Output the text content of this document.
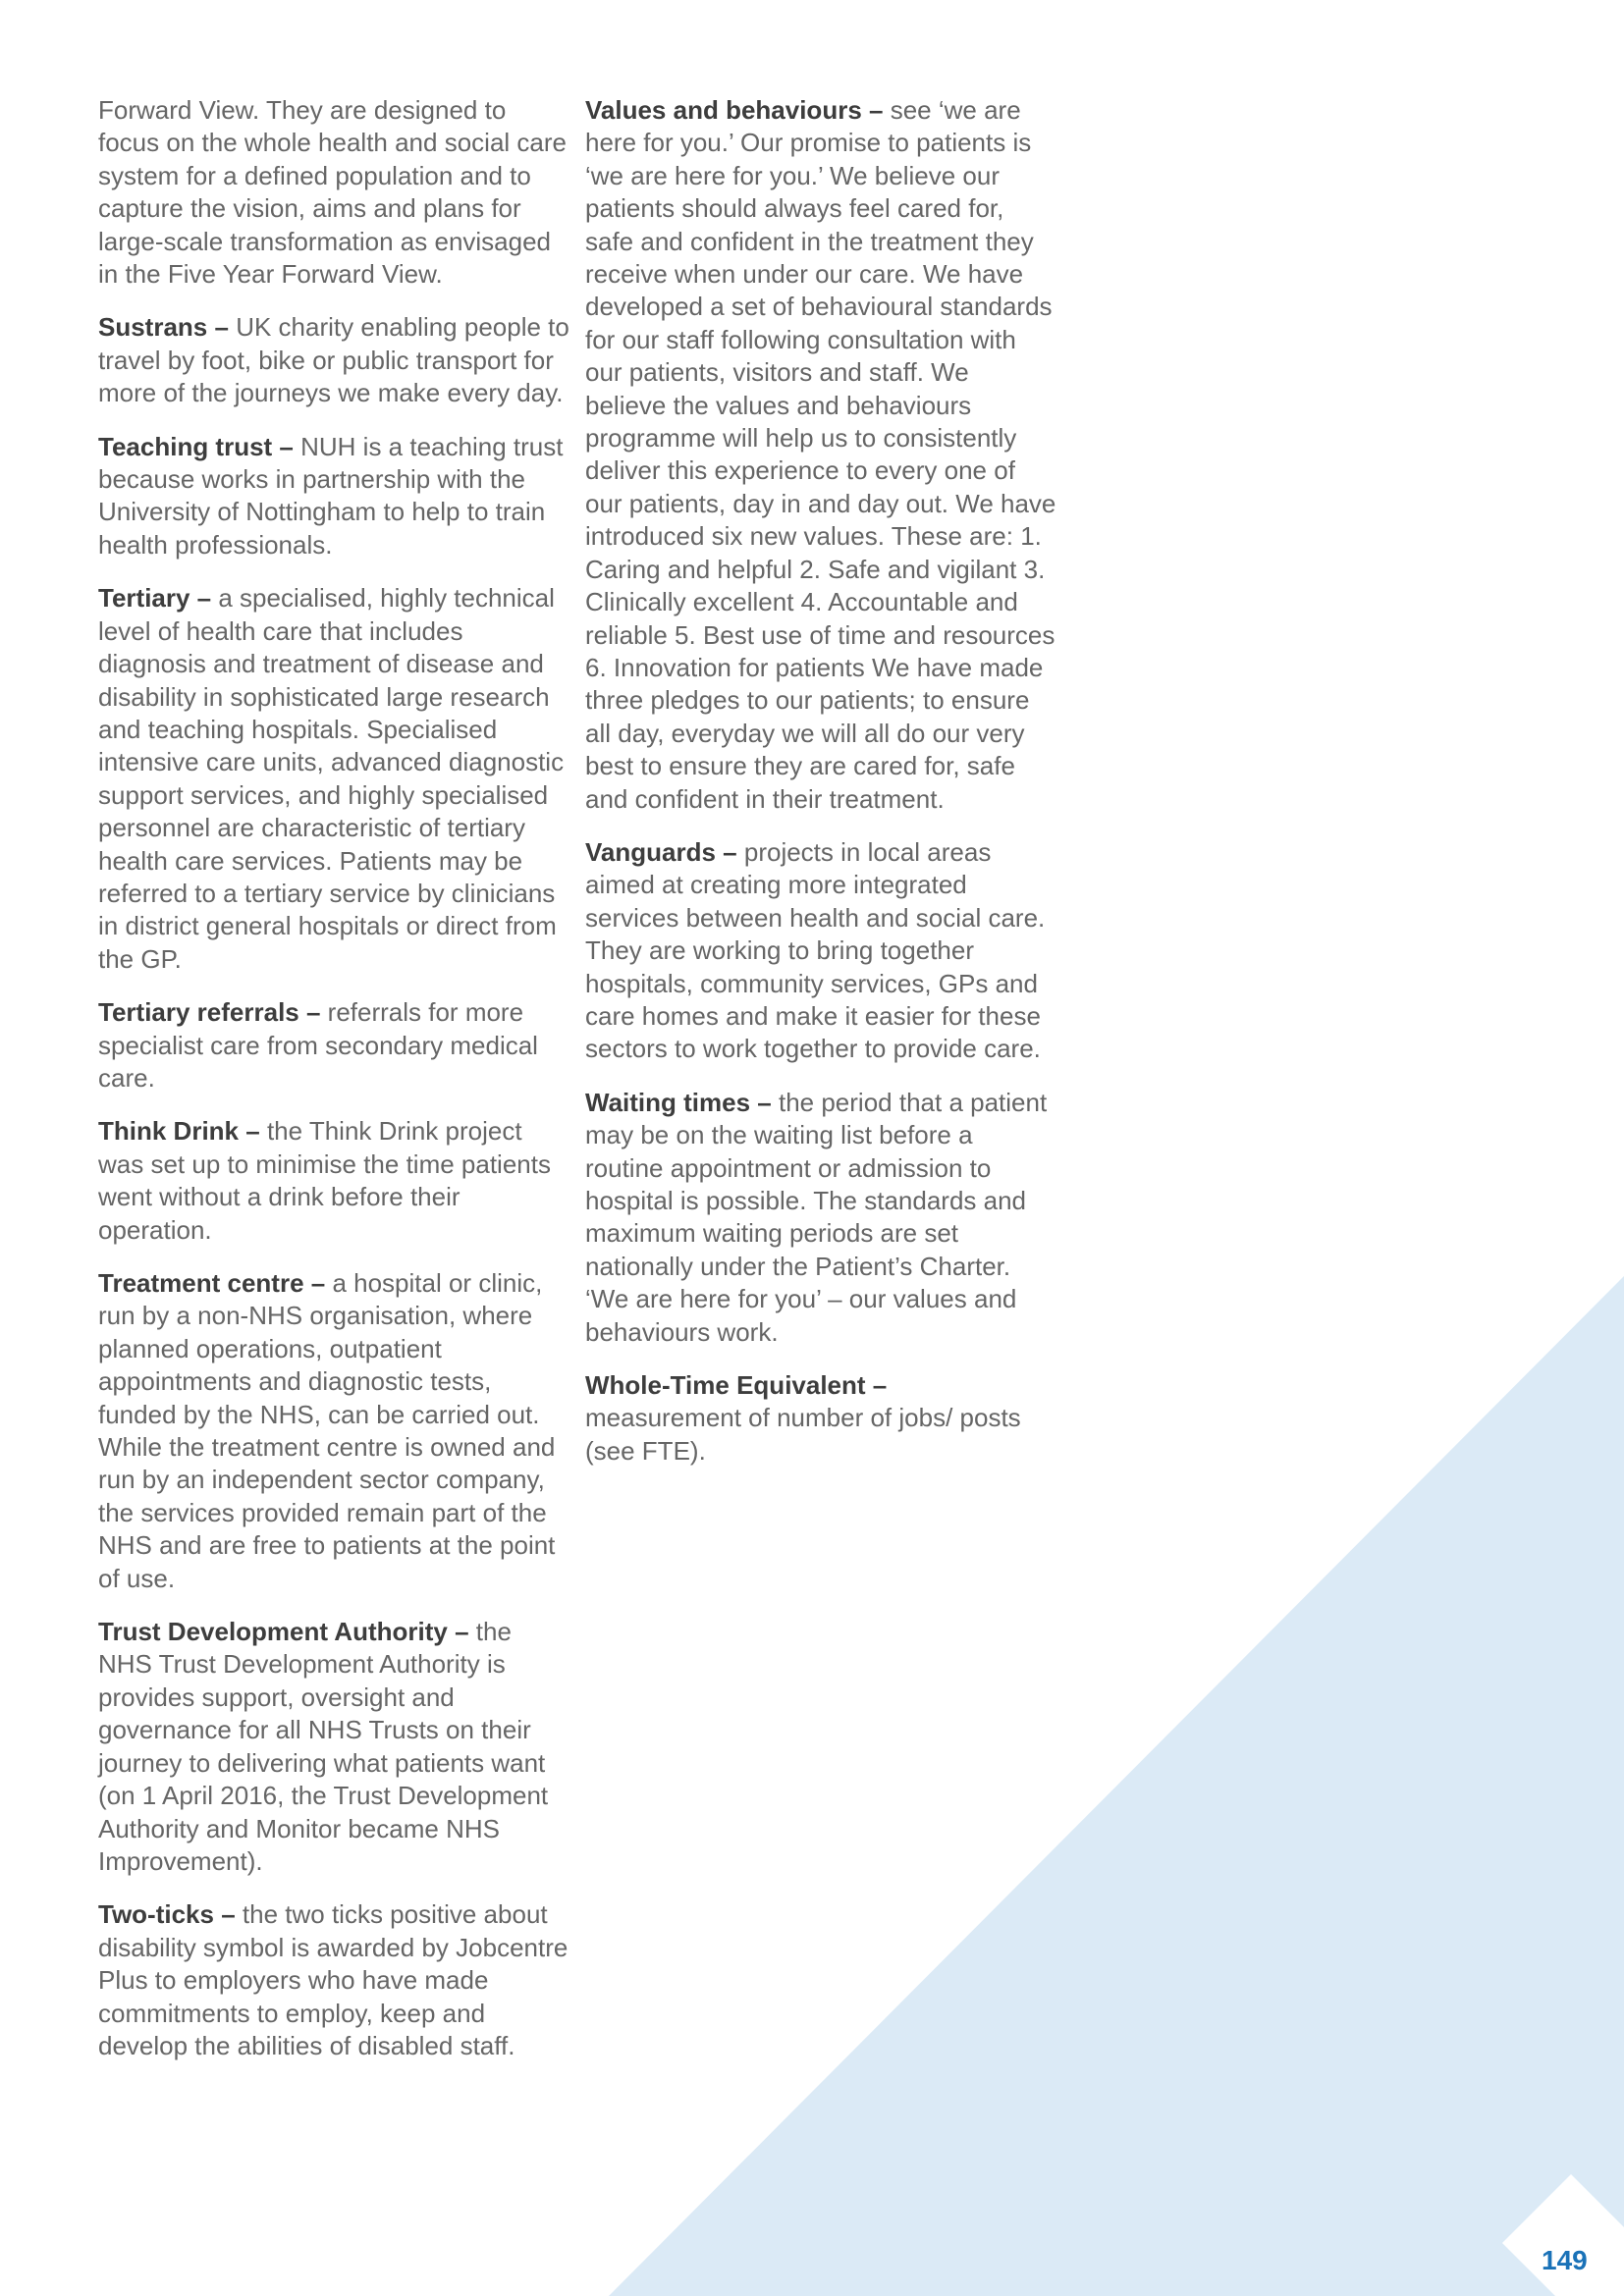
Forward View. They are designed to focus on the whole health and social care system for a defined population and to capture the vision, aims and plans for large-scale transformation as envisaged in the Five Year Forward View.

Sustrans – UK charity enabling people to travel by foot, bike or public transport for more of the journeys we make every day.

Teaching trust – NUH is a teaching trust because works in partnership with the University of Nottingham to help to train health professionals.

Tertiary – a specialised, highly technical level of health care that includes diagnosis and treatment of disease and disability in sophisticated large research and teaching hospitals. Specialised intensive care units, advanced diagnostic support services, and highly specialised personnel are characteristic of tertiary health care services. Patients may be referred to a tertiary service by clinicians in district general hospitals or direct from the GP.

Tertiary referrals – referrals for more specialist care from secondary medical care.

Think Drink – the Think Drink project was set up to minimise the time patients went without a drink before their operation.

Treatment centre – a hospital or clinic, run by a non-NHS organisation, where planned operations, outpatient appointments and diagnostic tests, funded by the NHS, can be carried out. While the treatment centre is owned and run by an independent sector company, the services provided remain part of the NHS and are free to patients at the point of use.

Trust Development Authority – the NHS Trust Development Authority is provides support, oversight and governance for all NHS Trusts on their journey to delivering what patients want (on 1 April 2016, the Trust Development Authority and Monitor became NHS Improvement).

Two-ticks – the two ticks positive about disability symbol is awarded by Jobcentre Plus to employers who have made commitments to employ, keep and develop the abilities of disabled staff.

Values and behaviours – see ‘we are here for you.’ Our promise to patients is ‘we are here for you.’ We believe our patients should always feel cared for, safe and confident in the treatment they receive when under our care. We have developed a set of behavioural standards for our staff following consultation with our patients, visitors and staff. We believe the values and behaviours programme will help us to consistently deliver this experience to every one of our patients, day in and day out. We have introduced six new values. These are: 1. Caring and helpful 2. Safe and vigilant 3. Clinically excellent 4. Accountable and reliable 5. Best use of time and resources 6. Innovation for patients We have made three pledges to our patients; to ensure all day, everyday we will all do our very best to ensure they are cared for, safe and confident in their treatment.

Vanguards – projects in local areas aimed at creating more integrated services between health and social care. They are working to bring together hospitals, community services, GPs and care homes and make it easier for these sectors to work together to provide care.

Waiting times – the period that a patient may be on the waiting list before a routine appointment or admission to hospital is possible. The standards and maximum waiting periods are set nationally under the Patient’s Charter. ‘We are here for you’ – our values and behaviours work.

Whole-Time Equivalent –
measurement of number of jobs/ posts (see FTE).

149
